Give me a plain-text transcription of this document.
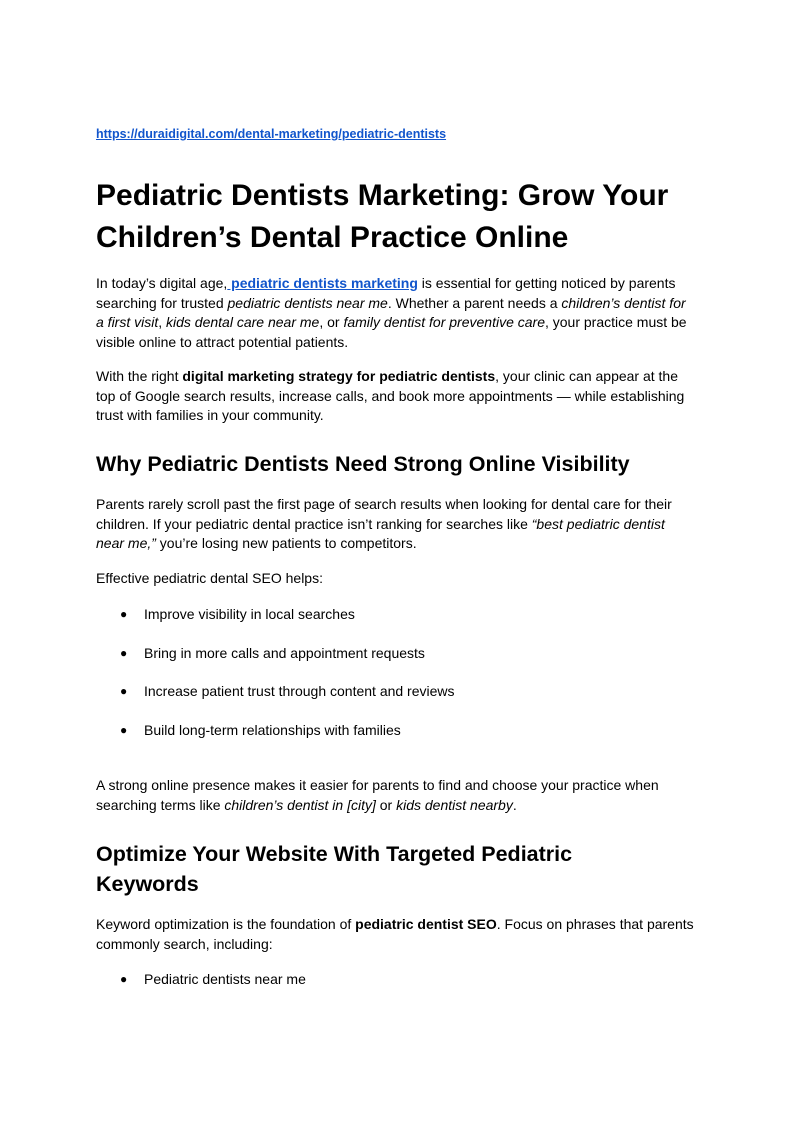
https://duraidigital.com/dental-marketing/pediatric-dentists
Pediatric Dentists Marketing: Grow Your Children’s Dental Practice Online

In today’s digital age, pediatric dentists marketing is essential for getting noticed by parents searching for trusted pediatric dentists near me. Whether a parent needs a children’s dentist for a first visit, kids dental care near me, or family dentist for preventive care, your practice must be visible online to attract potential patients.

With the right digital marketing strategy for pediatric dentists, your clinic can appear at the top of Google search results, increase calls, and book more appointments — while establishing trust with families in your community.

Why Pediatric Dentists Need Strong Online Visibility

Parents rarely scroll past the first page of search results when looking for dental care for their children. If your pediatric dental practice isn’t ranking for searches like “best pediatric dentist near me,” you’re losing new patients to competitors.

Effective pediatric dental SEO helps:

● Improve visibility in local searches
● Bring in more calls and appointment requests
● Increase patient trust through content and reviews
● Build long-term relationships with families

A strong online presence makes it easier for parents to find and choose your practice when searching terms like children’s dentist in [city] or kids dentist nearby.

Optimize Your Website With Targeted Pediatric Keywords

Keyword optimization is the foundation of pediatric dentist SEO. Focus on phrases that parents commonly search, including:

● Pediatric dentists near me
